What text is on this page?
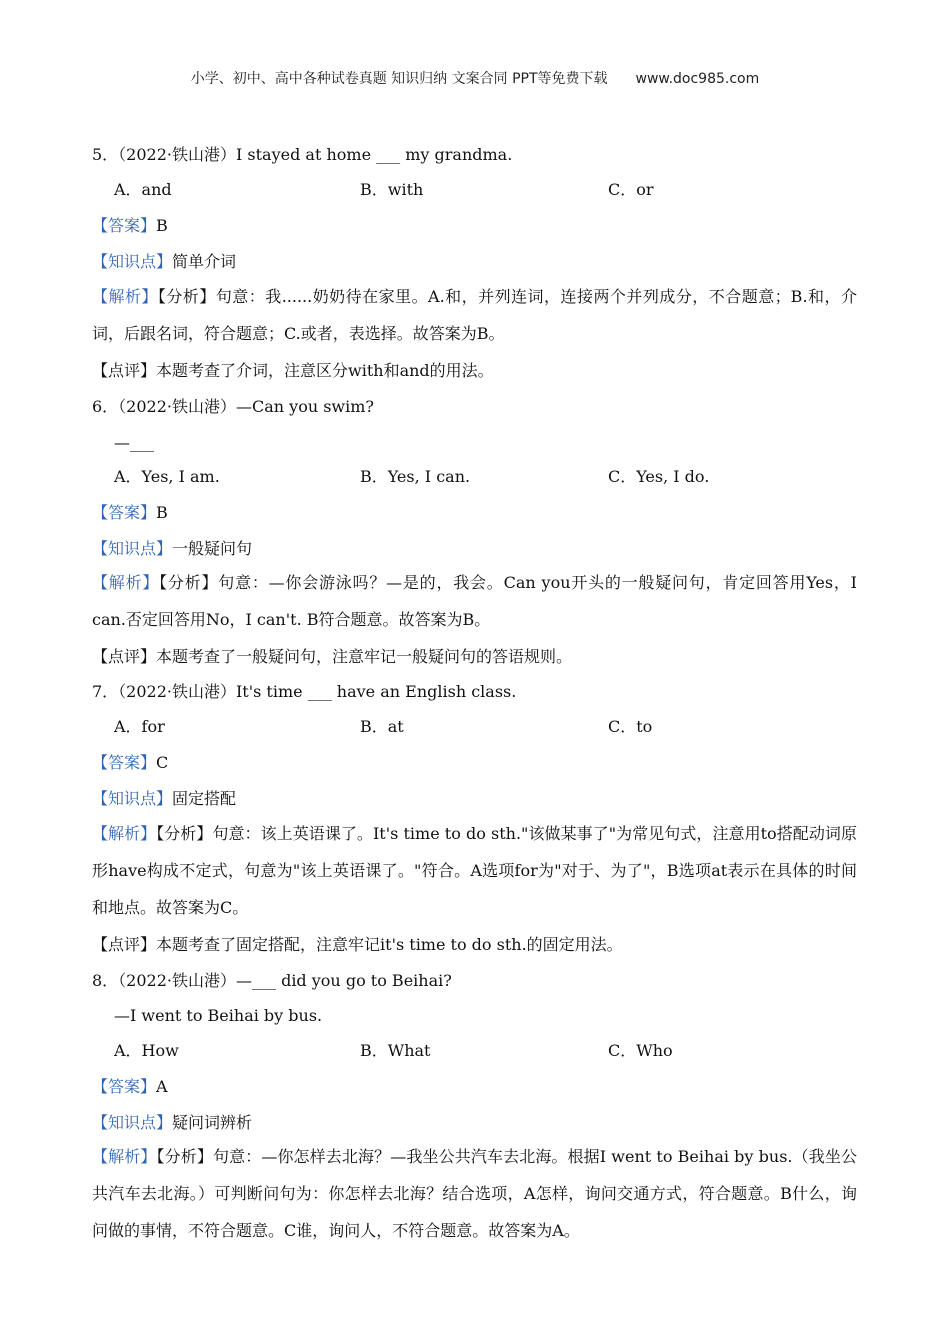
小学、初中、高中各种试卷真题 知识归纳 文案合同 PPT等免费下载 www.doc985.com
5．（2022·铁山港）I stayed at home ___ my grandma.
A．and	B．with	C．or
【答案】B
【知识点】简单介词
【解析】【分析】句意：我......奶奶待在家里。A.和，并列连词，连接两个并列成分，不合题意；B.和，介词，后跟名词，符合题意；C.或者，表选择。故答案为B。
【点评】本题考查了介词，注意区分with和and的用法。
6．（2022·铁山港）—Can you swim?
—___
A．Yes, I am.	B．Yes, I can.	C．Yes, I do.
【答案】B
【知识点】一般疑问句
【解析】【分析】句意：—你会游泳吗？—是的，我会。Can you开头的一般疑问句，肯定回答用Yes，I can.否定回答用No，I can't. B符合题意。故答案为B。
【点评】本题考查了一般疑问句，注意牢记一般疑问句的答语规则。
7．（2022·铁山港）It's time ___ have an English class.
A．for	B．at	C．to
【答案】C
【知识点】固定搭配
【解析】【分析】句意：该上英语课了。It's time to do sth."该做某事了"为常见句式，注意用to搭配动词原形have构成不定式，句意为"该上英语课了。"符合。A选项for为"对于、为了"，B选项at表示在具体的时间和地点。故答案为C。
【点评】本题考查了固定搭配，注意牢记it's time to do sth.的固定用法。
8．（2022·铁山港）—___ did you go to Beihai?
—I went to Beihai by bus.
A．How	B．What	C．Who
【答案】A
【知识点】疑问词辨析
【解析】【分析】句意：—你怎样去北海？—我坐公共汽车去北海。根据I went to Beihai by bus.（我坐公共汽车去北海。）可判断问句为：你怎样去北海？结合选项，A怎样，询问交通方式，符合题意。B什么，询问做的事情，不符合题意。C谁，询问人，不符合题意。故答案为A。
